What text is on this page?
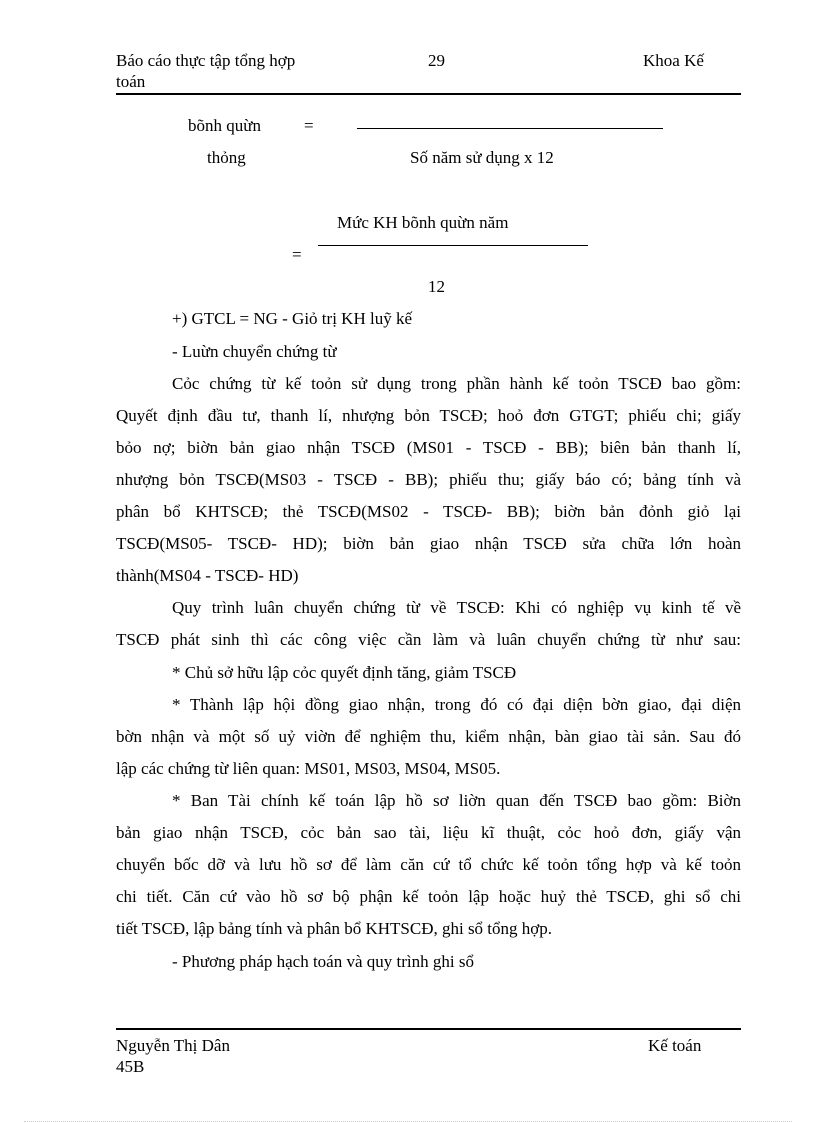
Báo cáo thực tập tổng hợp
toán
29	Khoa Kế
bõnh quừn	=
thỏng	Số năm sử dụng x 12
Mức KH bõnh quừn năm
=
12
+) GTCL = NG - Giỏ trị KH luỹ kế
- Luừn chuyển chứng từ
Cỏc chứng từ kế toỏn sử dụng trong phần hành kế toỏn TSCĐ bao gồm:
Quyết định đầu tư, thanh lí, nhượng bỏn TSCĐ; hoỏ đơn GTGT; phiếu chi; giấy
bỏo nợ; biờn bản giao nhận TSCĐ (MS01 - TSCĐ - BB); biên bản thanh lí,
nhượng bỏn TSCĐ(MS03 - TSCĐ - BB); phiếu thu; giấy báo có; bảng tính và
phân bổ KHTSCĐ; thẻ TSCĐ(MS02 - TSCĐ- BB); biờn bản đỏnh giỏ lại
TSCĐ(MS05- TSCĐ- HD); biờn bản giao nhận TSCĐ sửa chữa lớn hoàn
thành(MS04 - TSCĐ- HD)
Quy trình luân chuyển chứng từ về TSCĐ: Khi có nghiệp vụ kinh tế về
TSCĐ phát sinh thì các công việc cần làm và luân chuyển chứng từ như sau:
* Chủ sở hữu lập cỏc quyết định tăng, giảm TSCĐ
* Thành lập hội đồng giao nhận, trong đó có đại diện bờn giao, đại diện
bờn nhận và một số uỷ viờn để nghiệm thu, kiểm nhận, bàn giao tài sản. Sau đó
lập các chứng từ liên quan: MS01, MS03, MS04, MS05.
* Ban Tài chính kế toán lập hồ sơ liờn quan đến TSCĐ bao gồm: Biờn
bản giao nhận TSCĐ, cỏc bản sao tài, liệu kĩ thuật, cỏc hoỏ đơn, giấy vận
chuyển bốc dỡ và lưu hồ sơ để làm căn cứ tổ chức kế toỏn tổng hợp và kế toỏn
chi tiết. Căn cứ vào hồ sơ bộ phận kế toỏn lập hoặc huỷ thẻ TSCĐ, ghi sổ chi
tiết TSCĐ, lập bảng tính và phân bổ KHTSCĐ, ghi sổ tổng hợp.
- Phương pháp hạch toán và quy trình ghi sổ
Nguyễn Thị Dân
45B
Kế toán
